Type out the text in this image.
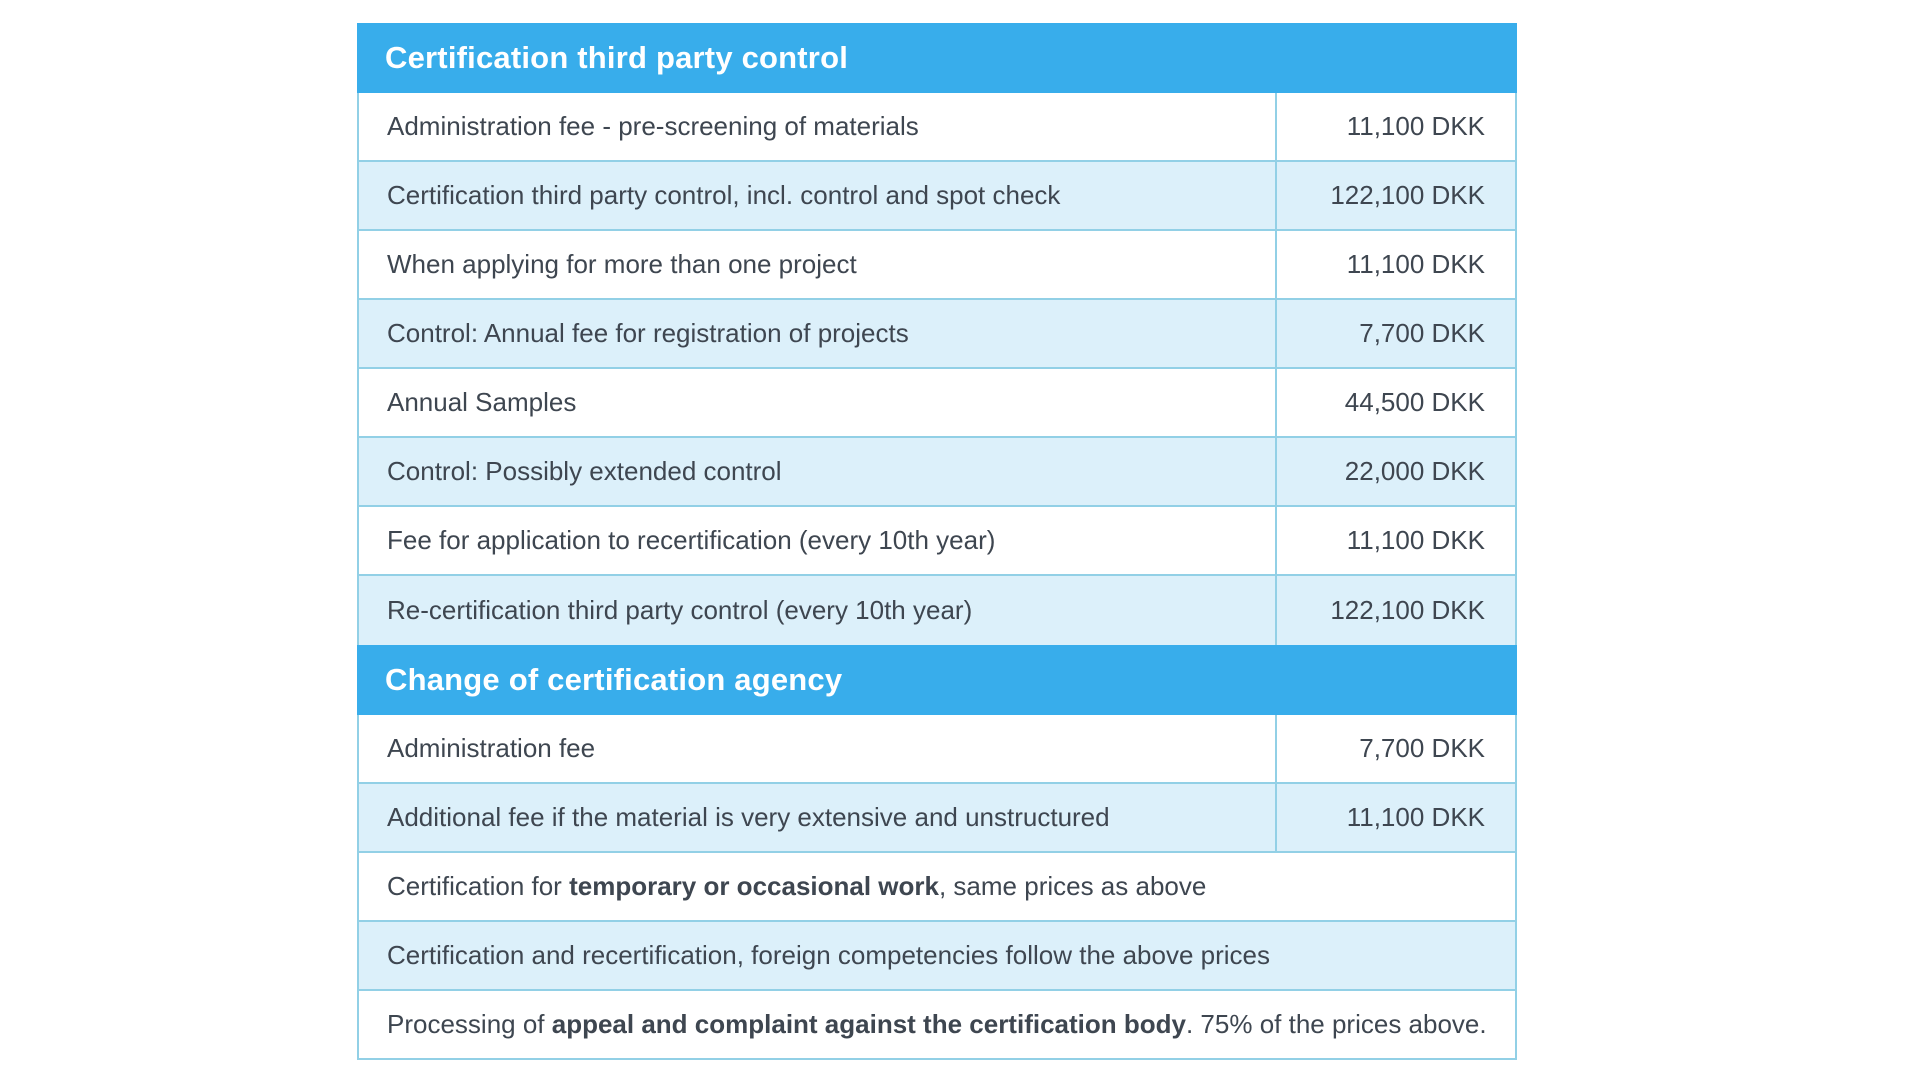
Certification third party control
Administration fee - pre-screening of materials	11,100 DKK
Certification third party control, incl. control and spot check	122,100 DKK
When applying for more than one project	11,100 DKK
Control: Annual fee for registration of projects	7,700 DKK
Annual Samples	44,500 DKK
Control: Possibly extended control	22,000 DKK
Fee for application to recertification (every 10th year)	11,100 DKK
Re-certification third party control (every 10th year)	122,100 DKK
Change of certification agency
Administration fee	7,700 DKK
Additional fee if the material is very extensive and unstructured	11,100 DKK
Certification for temporary or occasional work, same prices as above
Certification and recertification, foreign competencies follow the above prices
Processing of appeal and complaint against the certification body. 75% of the prices above.
